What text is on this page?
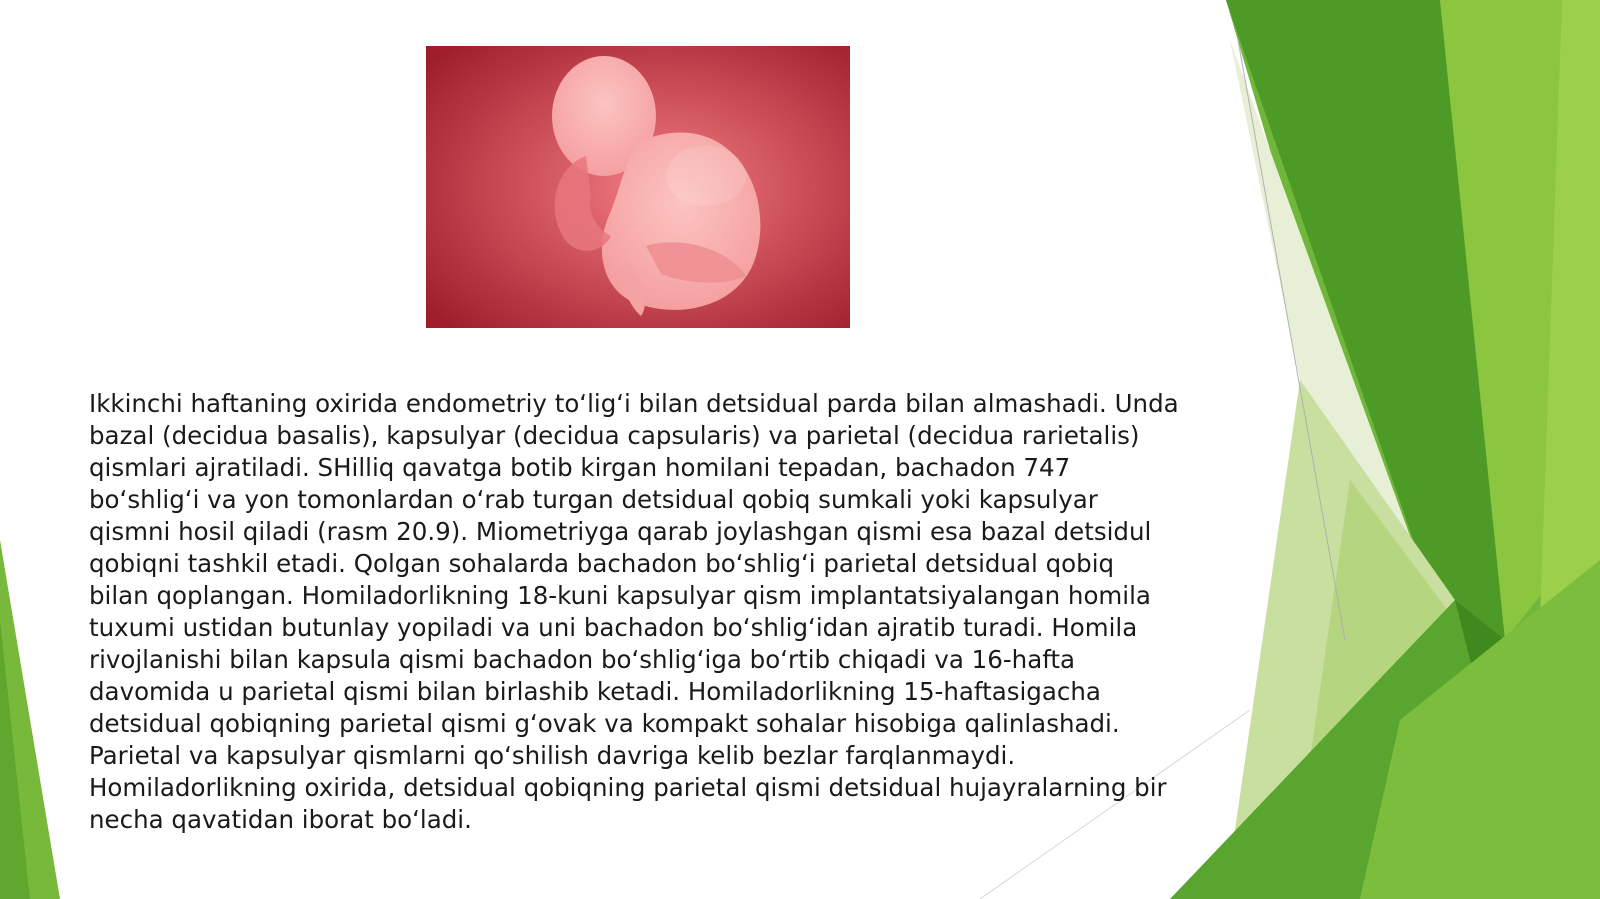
Ikkinchi haftaning oxirida endometriy to‘lig‘i bilan detsidual parda bilan almashadi. Unda
bazal (decidua basalis), kapsulyar (decidua capsularis) va parietal (decidua rarietalis)
qismlari ajratiladi. SHilliq qavatga botib kirgan homilani tepadan, bachadon 747
bo‘shlig‘i va yon tomonlardan o‘rab turgan detsidual qobiq sumkali yoki kapsulyar
qismni hosil qiladi (rasm 20.9). Miometriyga qarab joylashgan qismi esa bazal detsidul
qobiqni tashkil etadi. Qolgan sohalarda bachadon bo‘shlig‘i parietal detsidual qobiq
bilan qoplangan. Homiladorlikning 18-kuni kapsulyar qism implantatsiyalangan homila
tuxumi ustidan butunlay yopiladi va uni bachadon bo‘shlig‘idan ajratib turadi. Homila
rivojlanishi bilan kapsula qismi bachadon bo‘shlig‘iga bo‘rtib chiqadi va 16-hafta
davomida u parietal qismi bilan birlashib ketadi. Homiladorlikning 15-haftasigacha
detsidual qobiqning parietal qismi g‘ovak va kompakt sohalar hisobiga qalinlashadi.
Parietal va kapsulyar qismlarni qo‘shilish davriga kelib bezlar farqlanmaydi.
Homiladorlikning oxirida, detsidual qobiqning parietal qismi detsidual hujayralarning bir
necha qavatidan iborat bo‘ladi.
